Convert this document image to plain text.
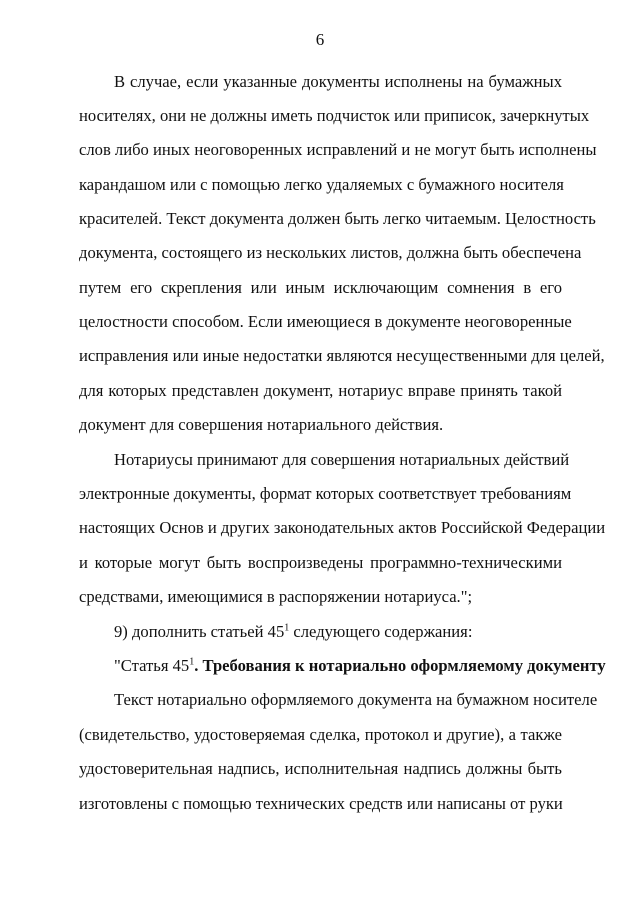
6
В случае, если указанные документы исполнены на бумажных
носителях, они не должны иметь подчисток или приписок, зачеркнутых
слов либо иных неоговоренных исправлений и не могут быть исполнены
карандашом или с помощью легко удаляемых с бумажного носителя
красителей. Текст документа должен быть легко читаемым. Целостность
документа, состоящего из нескольких листов, должна быть обеспечена
путем его скрепления или иным исключающим сомнения в его
целостности способом. Если имеющиеся в документе неоговоренные
исправления или иные недостатки являются несущественными для целей,
для которых представлен документ, нотариус вправе принять такой
документ для совершения нотариального действия.
Нотариусы принимают для совершения нотариальных действий
электронные документы, формат которых соответствует требованиям
настоящих Основ и других законодательных актов Российской Федерации
и которые могут быть воспроизведены программно-техническими
средствами, имеющимися в распоряжении нотариуса.";
9) дополнить статьей $45^1$ следующего содержания:
"Статья $45^1$. Требования к нотариально оформляемому документу
Текст нотариально оформляемого документа на бумажном носителе
(свидетельство, удостоверяемая сделка, протокол и другие), а также
удостоверительная надпись, исполнительная надпись должны быть
изготовлены с помощью технических средств или написаны от руки
